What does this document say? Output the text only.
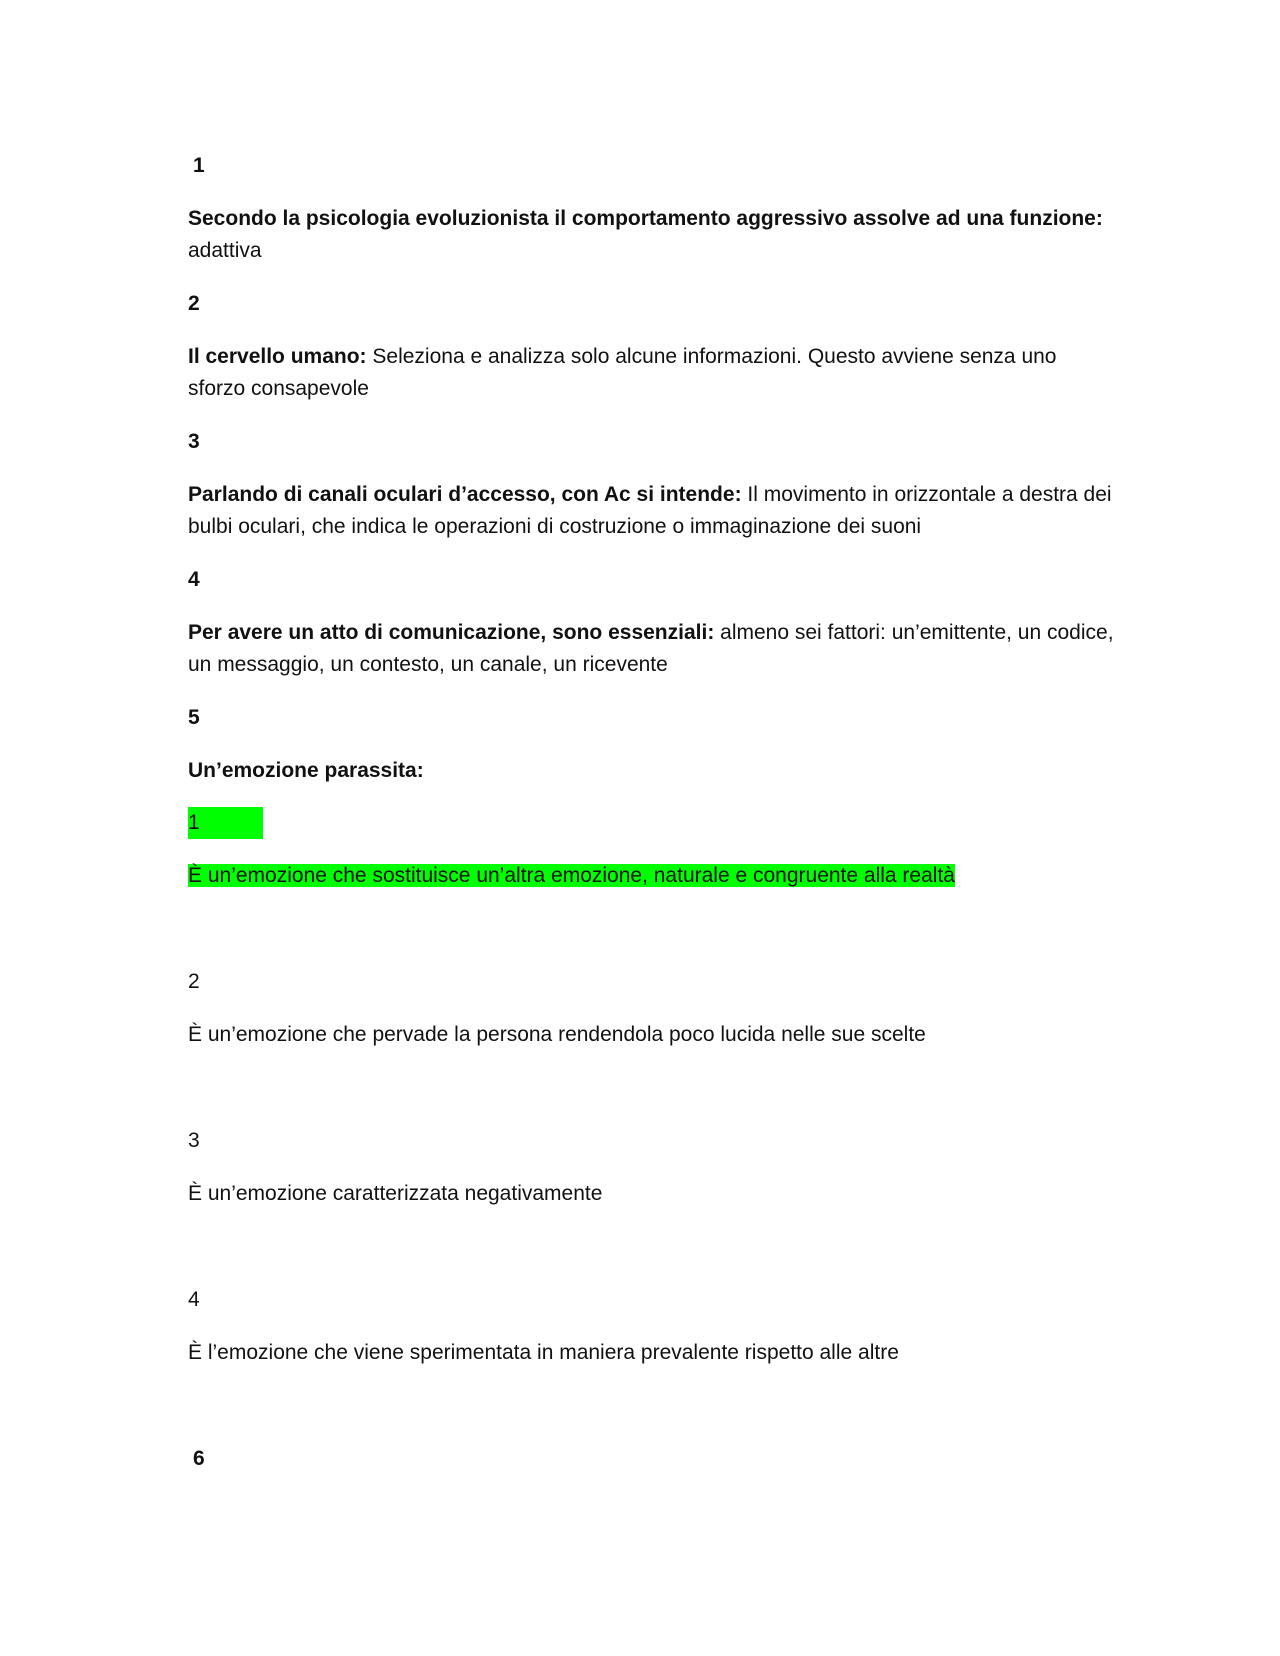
1
Secondo la psicologia evoluzionista il comportamento aggressivo assolve ad una funzione:
adattiva
2
Il cervello umano: Seleziona e analizza solo alcune informazioni. Questo avviene senza uno
sforzo consapevole
3
Parlando di canali oculari d’accesso, con Ac si intende: Il movimento in orizzontale a destra dei
bulbi oculari, che indica le operazioni di costruzione o immaginazione dei suoni
4
Per avere un atto di comunicazione, sono essenziali: almeno sei fattori: un’emittente, un codice,
un messaggio, un contesto, un canale, un ricevente
5
Un’emozione parassita:
1
È un’emozione che sostituisce un’altra emozione, naturale e congruente alla realtà
2
È un’emozione che pervade la persona rendendola poco lucida nelle sue scelte
3
È un’emozione caratterizzata negativamente
4
È l’emozione che viene sperimentata in maniera prevalente rispetto alle altre
6
